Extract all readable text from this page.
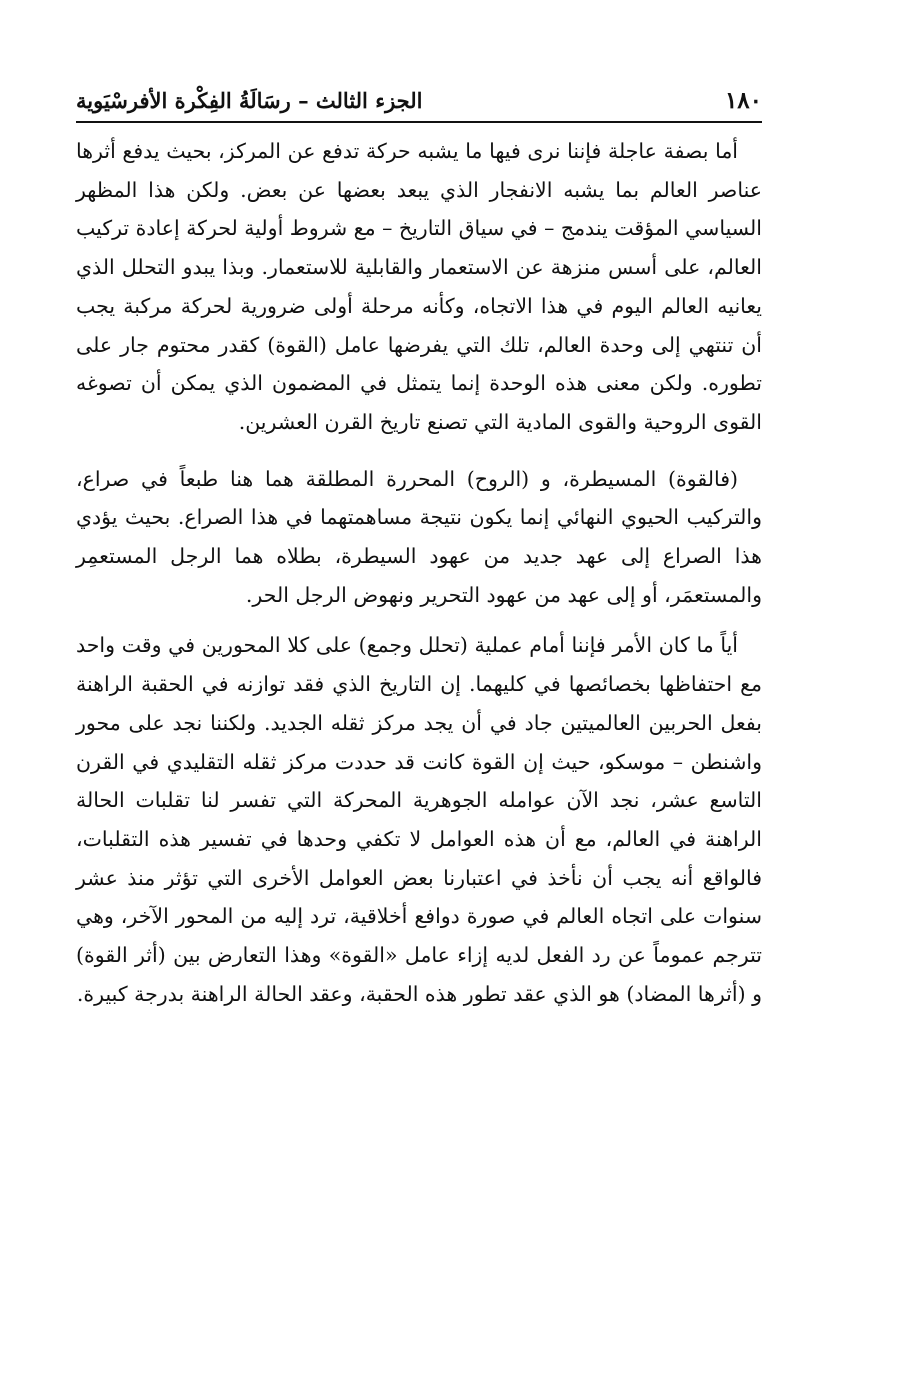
١٨٠
الجزء الثالث – رسَالَةُ الفِكْرة الأفرسْيَوية

أما بصفة عاجلة فإننا نرى فيها ما يشبه حركة تدفع عن المركز، بحيث يدفع أثرها عناصر العالم بما يشبه الانفجار الذي يبعد بعضها عن بعض. ولكن هذا المظهر السياسي المؤقت يندمج – في سياق التاريخ – مع شروط أولية لحركة إعادة تركيب العالم، على أسس منزهة عن الاستعمار والقابلية للاستعمار. وبذا يبدو التحلل الذي يعانيه العالم اليوم في هذا الاتجاه، وكأنه مرحلة أولى ضرورية لحركة مركبة يجب أن تنتهي إلى وحدة العالم، تلك التي يفرضها عامل (القوة) كقدر محتوم جار على تطوره. ولكن معنى هذه الوحدة إنما يتمثل في المضمون الذي يمكن أن تصوغه القوى الروحية والقوى المادية التي تصنع تاريخ القرن العشرين.

(فالقوة) المسيطرة، و (الروح) المحررة المطلقة هما هنا طبعاً في صراع، والتركيب الحيوي النهائي إنما يكون نتيجة مساهمتهما في هذا الصراع. بحيث يؤدي هذا الصراع إلى عهد جديد من عهود السيطرة، بطلاه هما الرجل المستعمِر والمستعمَر، أو إلى عهد من عهود التحرير ونهوض الرجل الحر.

أياً ما كان الأمر فإننا أمام عملية (تحلل وجمع) على كلا المحورين في وقت واحد مع احتفاظها بخصائصها في كليهما. إن التاريخ الذي فقد توازنه في الحقبة الراهنة بفعل الحربين العالميتين جاد في أن يجد مركز ثقله الجديد. ولكننا نجد على محور واشنطن – موسكو، حيث إن القوة كانت قد حددت مركز ثقله التقليدي في القرن التاسع عشر، نجد الآن عوامله الجوهرية المحركة التي تفسر لنا تقلبات الحالة الراهنة في العالم، مع أن هذه العوامل لا تكفي وحدها في تفسير هذه التقلبات، فالواقع أنه يجب أن نأخذ في اعتبارنا بعض العوامل الأخرى التي تؤثر منذ عشر سنوات على اتجاه العالم في صورة دوافع أخلاقية، ترد إليه من المحور الآخر، وهي تترجم عموماً عن رد الفعل لديه إزاء عامل «القوة» وهذا التعارض بين (أثر القوة) و (أثرها المضاد) هو الذي عقد تطور هذه الحقبة، وعقد الحالة الراهنة بدرجة كبيرة.
